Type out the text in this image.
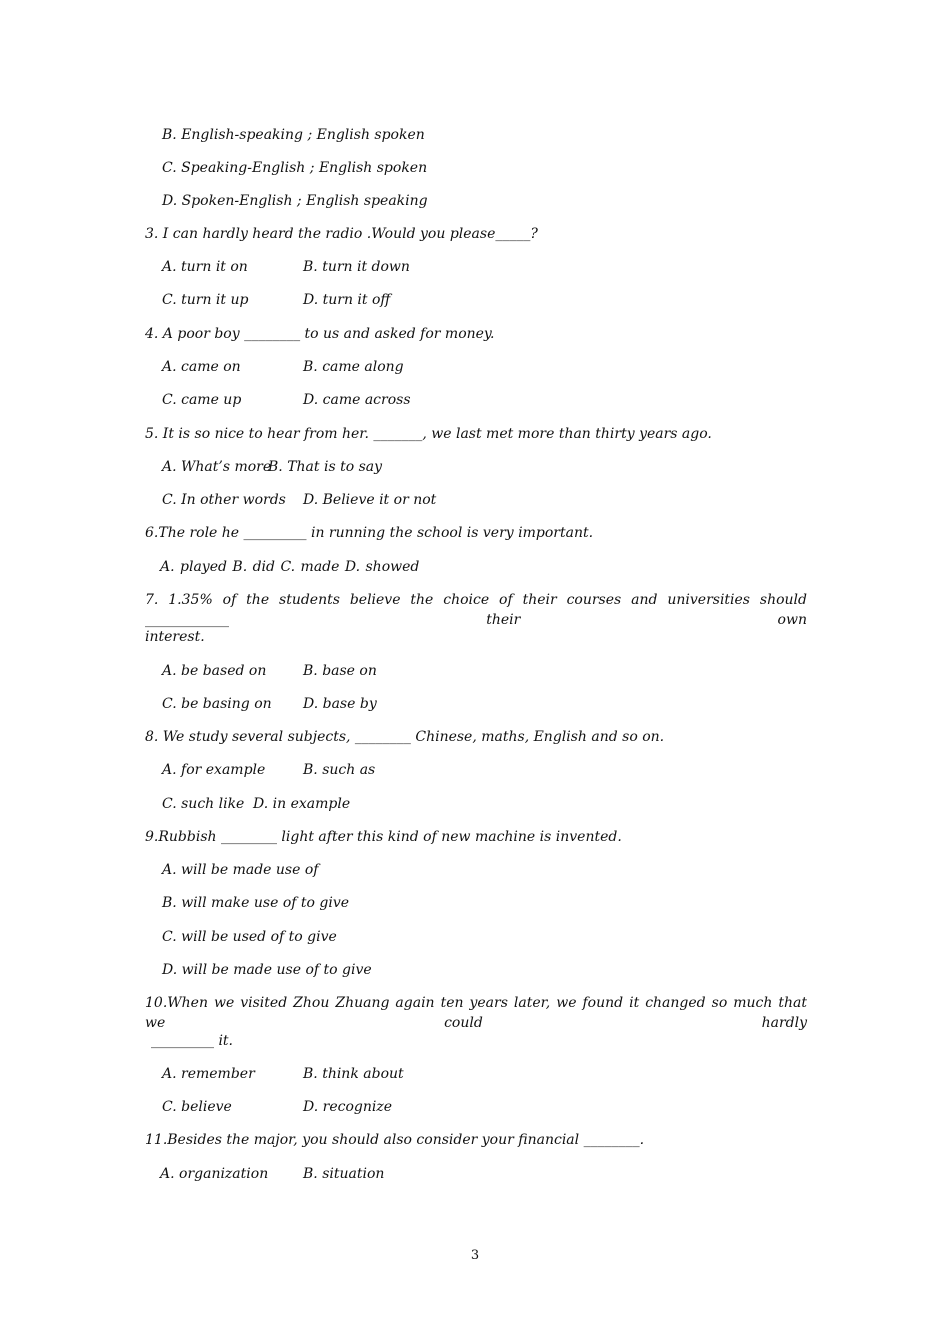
B. English-speaking ; English spoken
C. Speaking-English ; English spoken
D. Spoken-English ; English speaking
3. I can hardly heard the radio .Would you please_____?
A. turn it on	B. turn it down
C. turn it up	D. turn it off
4. A poor boy ________ to us and asked for money.
A. came on	B. came along
C. came up	D. came across
5. It is so nice to hear from her. _______, we last met more than thirty years ago.
A. What’s more
B. That is to say
C. In other words D. Believe it or not
6.The role he _________ in running the school is very important.
A. played B. did C. made D. showed
7. 1.35% of the students believe the choice of their courses and universities should ____________ their own
interest.
A. be based on	B. base on
C. be basing on D. base by
8. We study several subjects, ________ Chinese, maths, English and so on.
A. for example	B. such as
C. such like D. in example
9.Rubbish ________ light after this kind of new machine is invented.
A. will be made use of
B. will make use of to give
C. will be used of to give
D. will be made use of to give
10.When we visited Zhou Zhuang again ten years later, we found it changed so much that we could hardly
_________ it.
A. remember	B. think about
C. believe	D. recognize
11.Besides the major, you should also consider your financial ________.
A. organization B. situation
3
